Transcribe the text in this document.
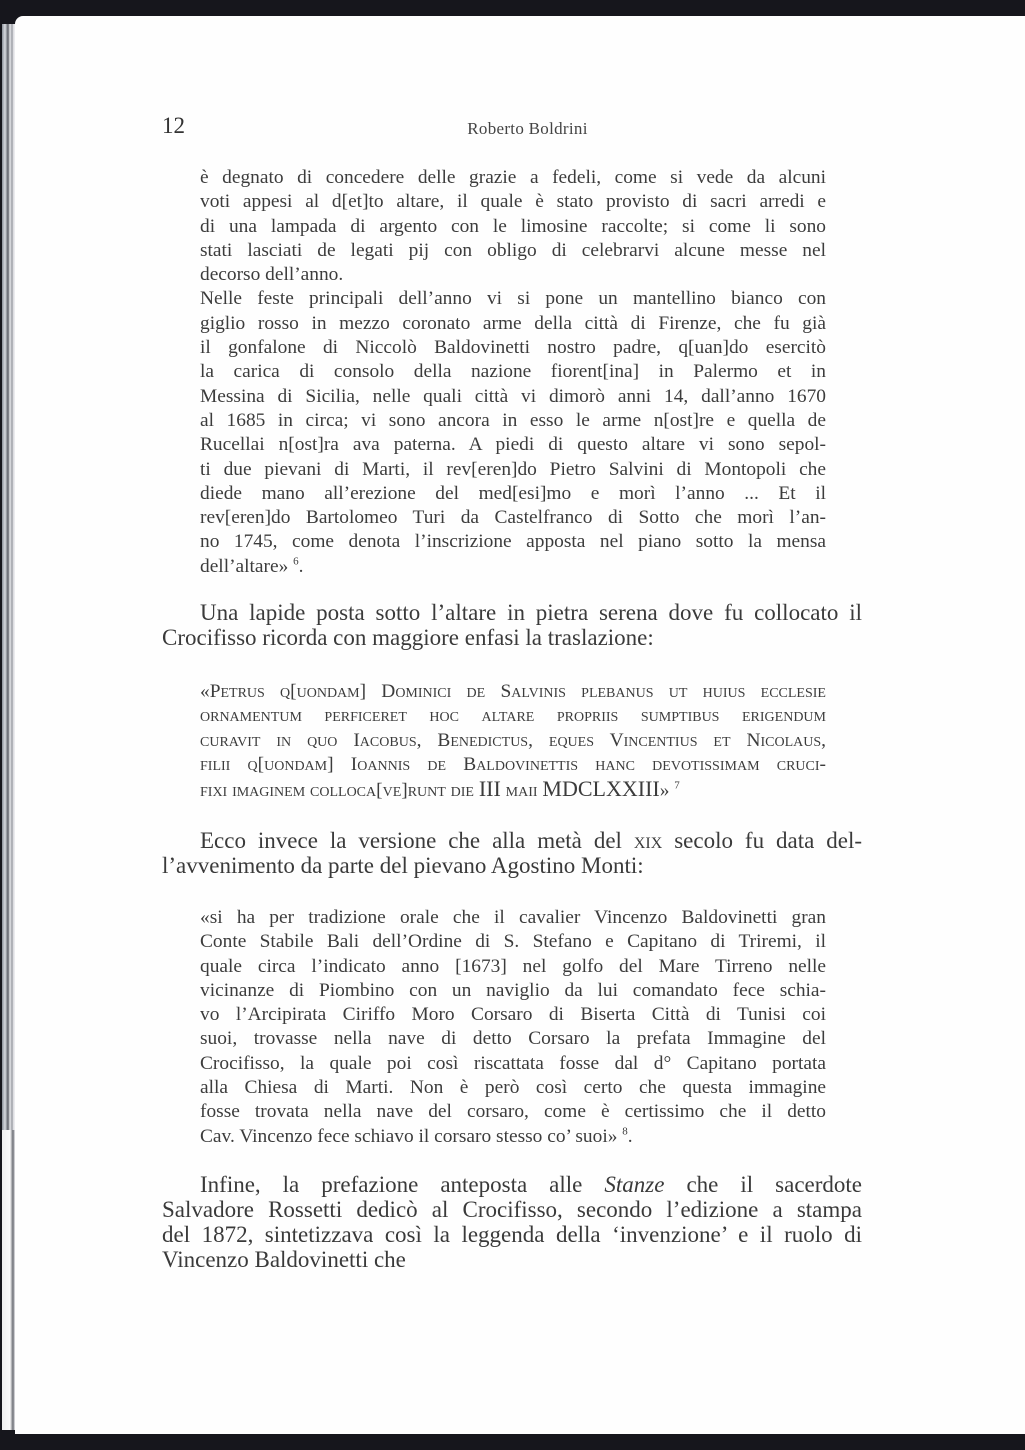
12	Roberto Boldrini
è degnato di concedere delle grazie a fedeli, come si vede da alcuni
voti appesi al d[et]to altare, il quale è stato provisto di sacri arredi e
di una lampada di argento con le limosine raccolte; si come li sono
stati lasciati de legati pij con obligo di celebrarvi alcune messe nel
decorso dell’anno.
Nelle feste principali dell’anno vi si pone un mantellino bianco con
giglio rosso in mezzo coronato arme della città di Firenze, che fu già
il gonfalone di Niccolò Baldovinetti nostro padre, q[uan]do esercitò
la carica di consolo della nazione fiorent[ina] in Palermo et in
Messina di Sicilia, nelle quali città vi dimorò anni 14, dall’anno 1670
al 1685 in circa; vi sono ancora in esso le arme n[ost]re e quella de
Rucellai n[ost]ra ava paterna. A piedi di questo altare vi sono sepol-
ti due pievani di Marti, il rev[eren]do Pietro Salvini di Montopoli che
diede mano all’erezione del med[esi]mo e morì l’anno ... Et il
rev[eren]do Bartolomeo Turi da Castelfranco di Sotto che morì l’an-
no 1745, come denota l’inscrizione apposta nel piano sotto la mensa
dell’altare» $^6$.
Una lapide posta sotto l’altare in pietra serena dove fu collocato il
Crocifisso ricorda con maggiore enfasi la traslazione:
«Petrus q[uondam] Dominici de Salvinis plebanus ut huius ecclesie
ornamentum perficeret hoc altare propriis sumptibus erigendum
curavit in quo Iacobus, Benedictus, eques Vincentius et Nicolaus,
filii q[uondam] Ioannis de Baldovinettis hanc devotissimam cruci-
fixi imaginem colloca[ve]runt die III maii MDCLXXIII» $^7$
Ecco invece la versione che alla metà del xix secolo fu data del-
l’avvenimento da parte del pievano Agostino Monti:
«si ha per tradizione orale che il cavalier Vincenzo Baldovinetti gran
Conte Stabile Bali dell’Ordine di S. Stefano e Capitano di Triremi, il
quale circa l’indicato anno [1673] nel golfo del Mare Tirreno nelle
vicinanze di Piombino con un naviglio da lui comandato fece schia-
vo l’Arcipirata Ciriffo Moro Corsaro di Biserta Città di Tunisi coi
suoi, trovasse nella nave di detto Corsaro la prefata Immagine del
Crocifisso, la quale poi così riscattata fosse dal d° Capitano portata
alla Chiesa di Marti. Non è però così certo che questa immagine
fosse trovata nella nave del corsaro, come è certissimo che il detto
Cav. Vincenzo fece schiavo il corsaro stesso co’ suoi» $^8$.
Infine, la prefazione anteposta alle Stanze che il sacerdote
Salvadore Rossetti dedicò al Crocifisso, secondo l’edizione a stampa
del 1872, sintetizzava così la leggenda della ‘invenzione’ e il ruolo di
Vincenzo Baldovinetti che
